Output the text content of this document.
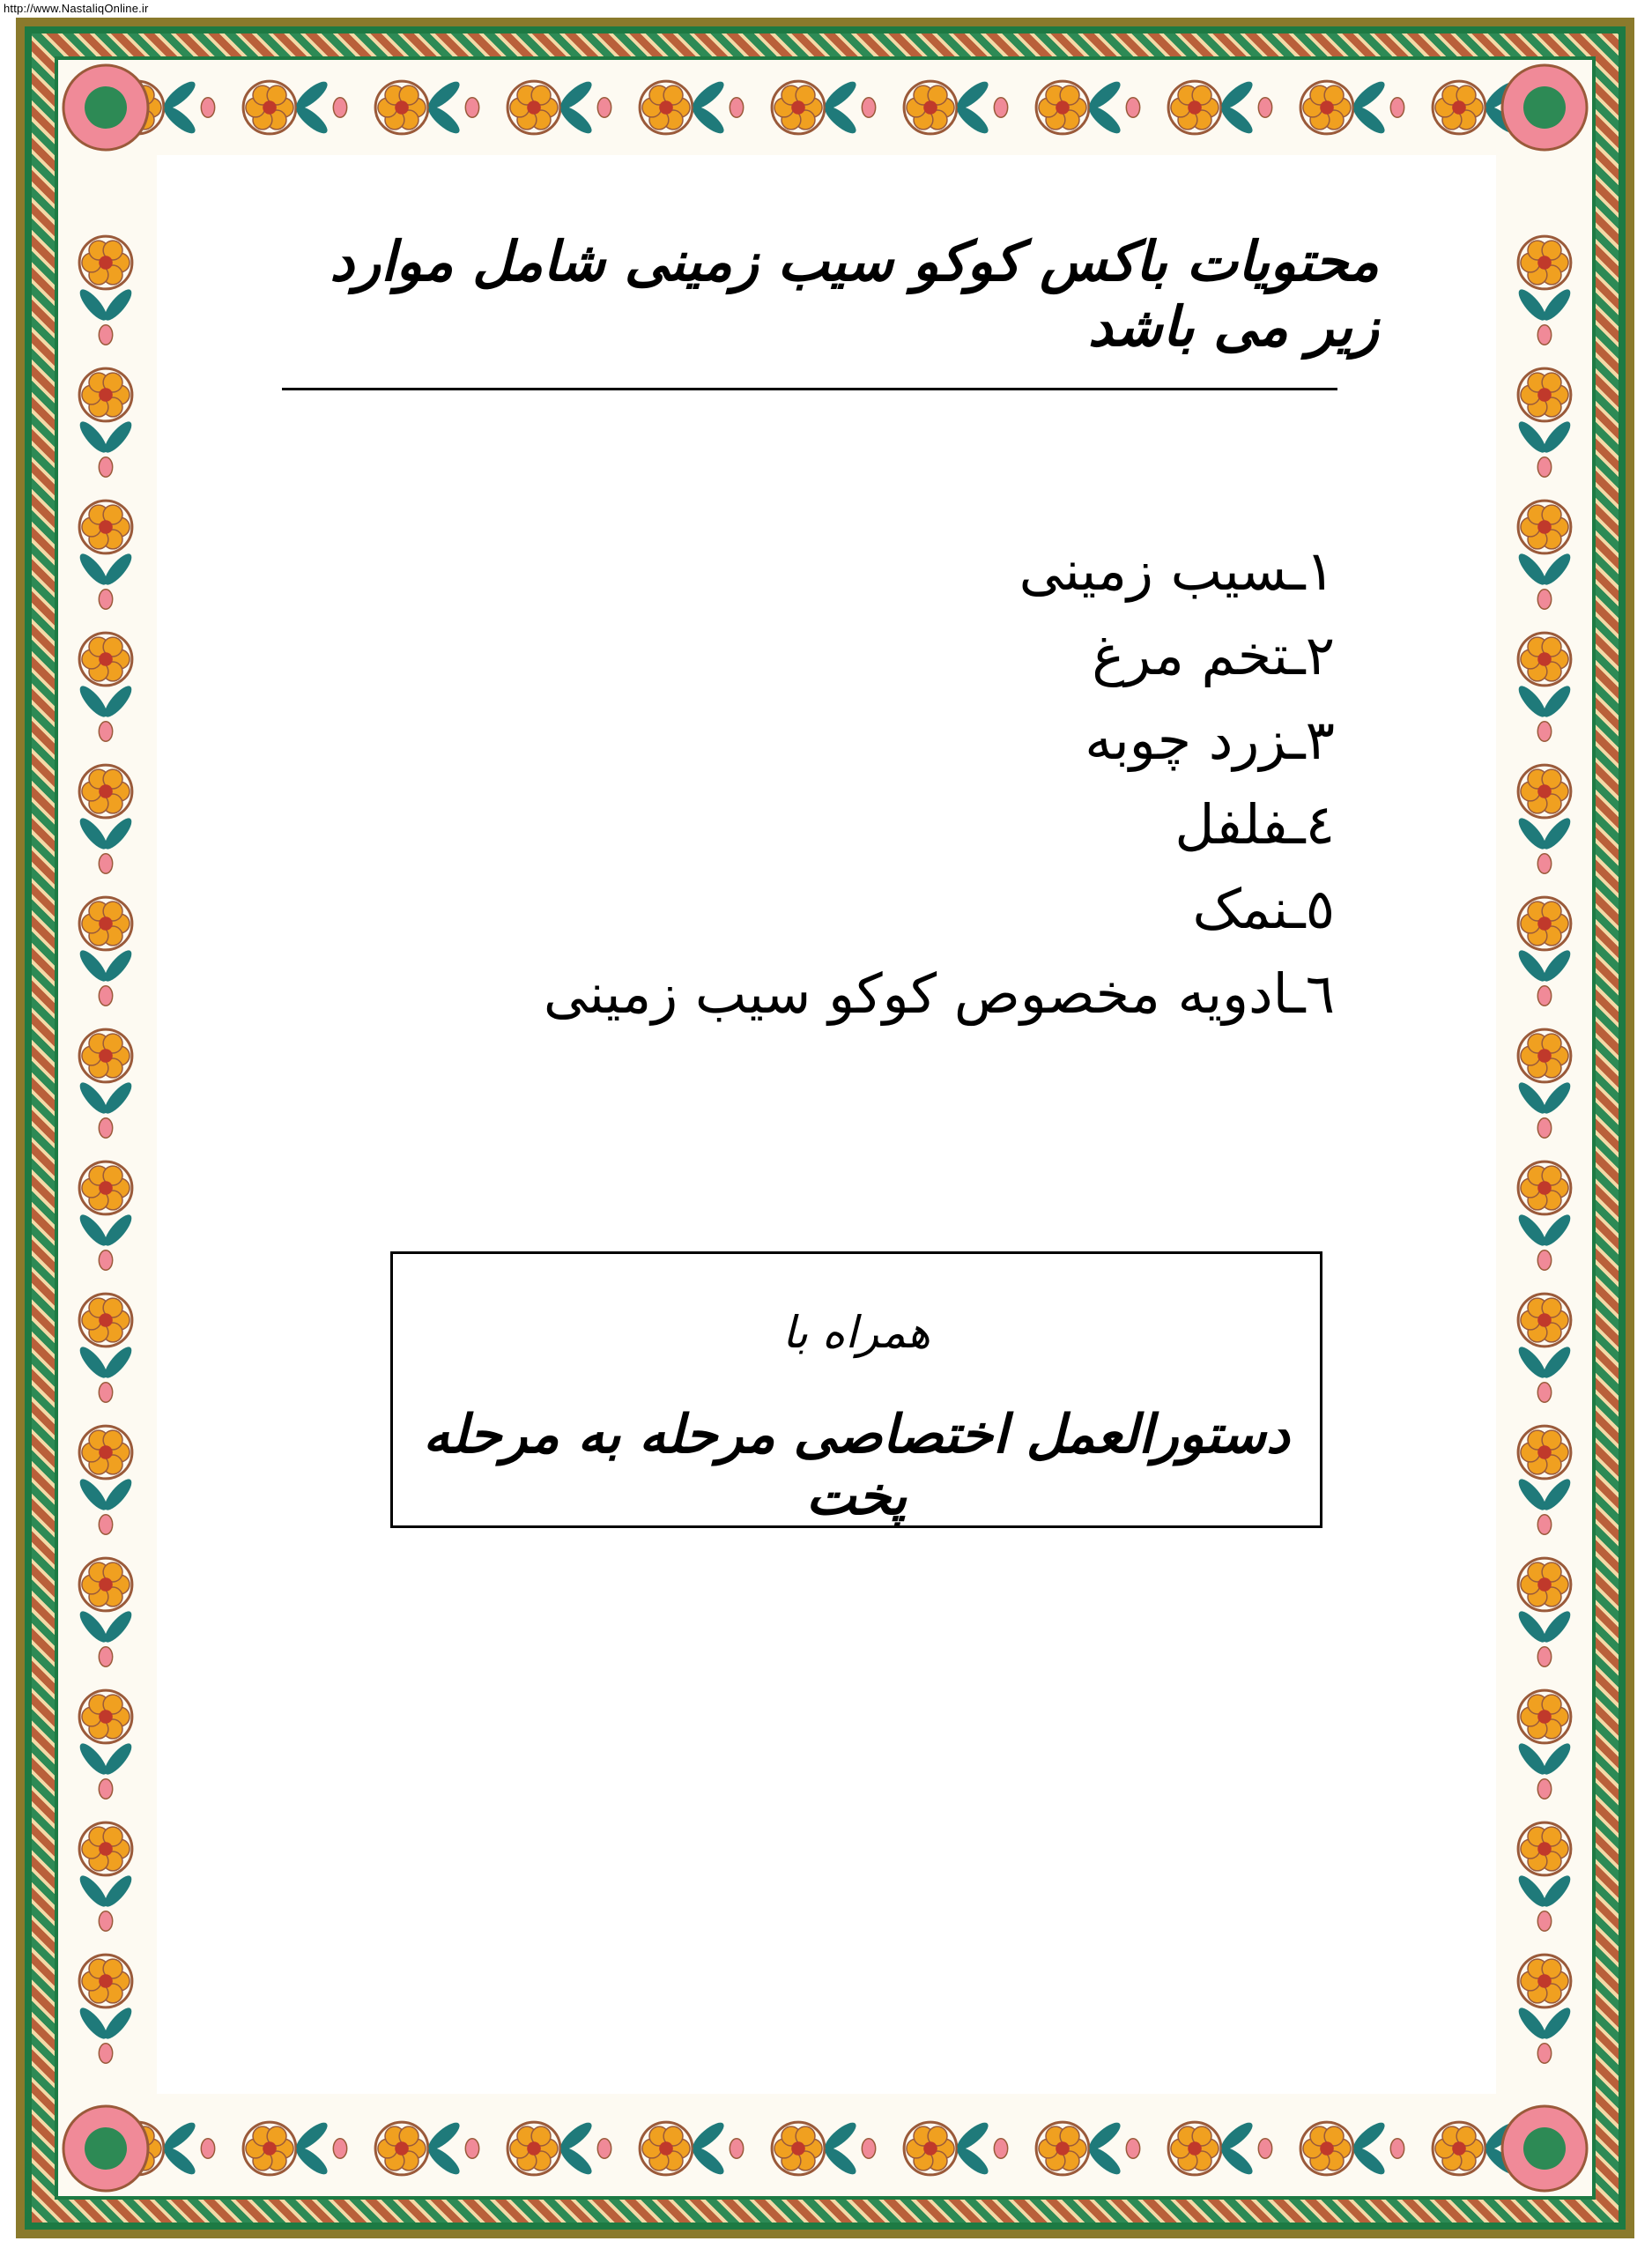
http://www.NastaliqOnline.ir
محتویات باکس کوکو سیب زمینی شامل موارد زیر می باشد
۱ـسیب زمینی
۲ـتخم مرغ
۳ـزرد چوبه
٤ـفلفل
٥ـنمک
٦ـادویه مخصوص کوکو سیب زمینی
همراه با
دستورالعمل اختصاصی مرحله به مرحله پخت
